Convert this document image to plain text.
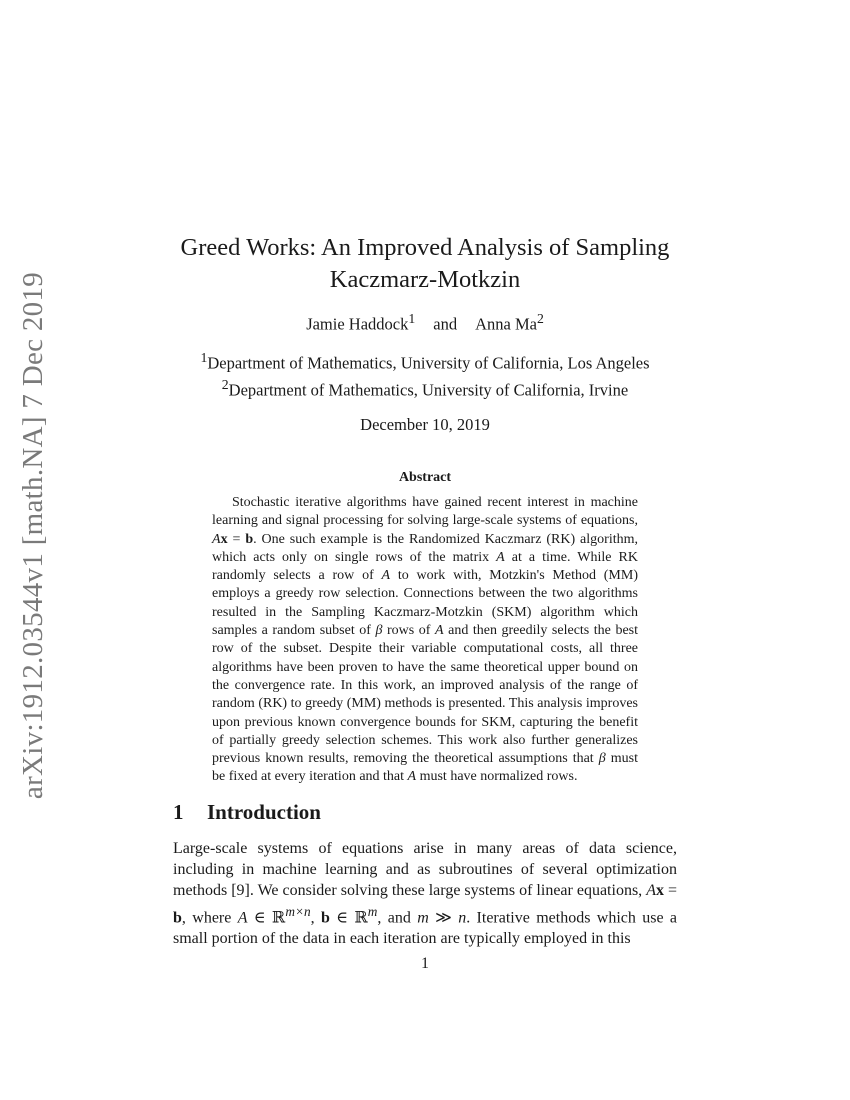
arXiv:1912.03544v1 [math.NA] 7 Dec 2019
Greed Works: An Improved Analysis of Sampling
Kaczmarz-Motkzin
Jamie Haddock$^1$ and Anna Ma$^2$
$^1$Department of Mathematics, University of California, Los Angeles
$^2$Department of Mathematics, University of California, Irvine
December 10, 2019
Abstract
Stochastic iterative algorithms have gained recent interest in machine learning and signal processing for solving large-scale systems of equations, Ax = b. One such example is the Randomized Kaczmarz (RK) algorithm, which acts only on single rows of the matrix A at a time. While RK randomly selects a row of A to work with, Motzkin's Method (MM) employs a greedy row selection. Connections between the two algorithms resulted in the Sampling Kaczmarz-Motzkin (SKM) algorithm which samples a random subset of β rows of A and then greedily selects the best row of the subset. Despite their variable computational costs, all three algorithms have been proven to have the same theoretical upper bound on the convergence rate. In this work, an improved analysis of the range of random (RK) to greedy (MM) methods is presented. This analysis improves upon previous known convergence bounds for SKM, capturing the benefit of partially greedy selection schemes. This work also further generalizes previous known results, removing the theoretical assumptions that β must be fixed at every iteration and that A must have normalized rows.
1 Introduction
Large-scale systems of equations arise in many areas of data science, including in machine learning and as subroutines of several optimization methods [9]. We consider solving these large systems of linear equations, Ax = b, where A ∈ ℝ$^{m\times n}$, b ∈ ℝ$^m$, and m ≫ n. Iterative methods which use a small portion of the data in each iteration are typically employed in this
1
